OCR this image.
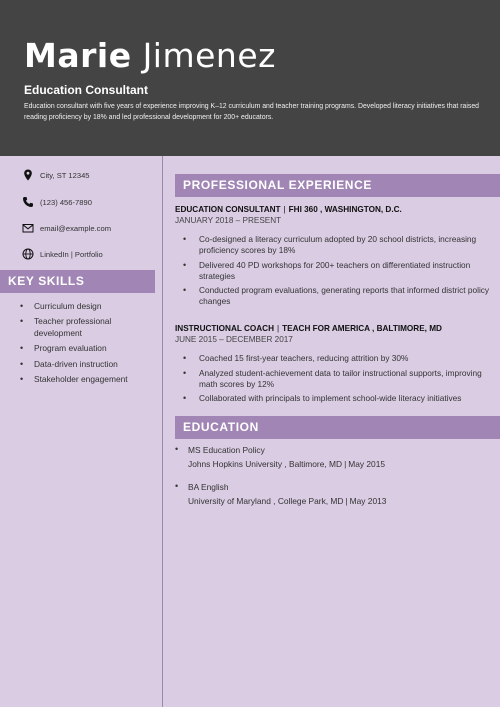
Marie Jimenez
Education Consultant
Education consultant with five years of experience improving K–12 curriculum and teacher training programs. Developed literacy initiatives that raised reading proficiency by 18% and led professional development for 200+ educators.
City, ST 12345
(123) 456-7890
email@example.com
LinkedIn | Portfolio
KEY SKILLS
• Curriculum design
• Teacher professional development
• Program evaluation
• Data-driven instruction
• Stakeholder engagement
PROFESSIONAL EXPERIENCE
EDUCATION CONSULTANT | FHI 360 , WASHINGTON, D.C.
JANUARY 2018 – PRESENT
• Co-designed a literacy curriculum adopted by 20 school districts, increasing proficiency scores by 18%
• Delivered 40 PD workshops for 200+ teachers on differentiated instruction strategies
• Conducted program evaluations, generating reports that informed district policy changes
INSTRUCTIONAL COACH | TEACH FOR AMERICA , BALTIMORE, MD
JUNE 2015 – DECEMBER 2017
• Coached 15 first-year teachers, reducing attrition by 30%
• Analyzed student-achievement data to tailor instructional supports, improving math scores by 12%
• Collaborated with principals to implement school-wide literacy initiatives
EDUCATION
• MS Education Policy
Johns Hopkins University , Baltimore, MD | May 2015
• BA English
University of Maryland , College Park, MD | May 2013
